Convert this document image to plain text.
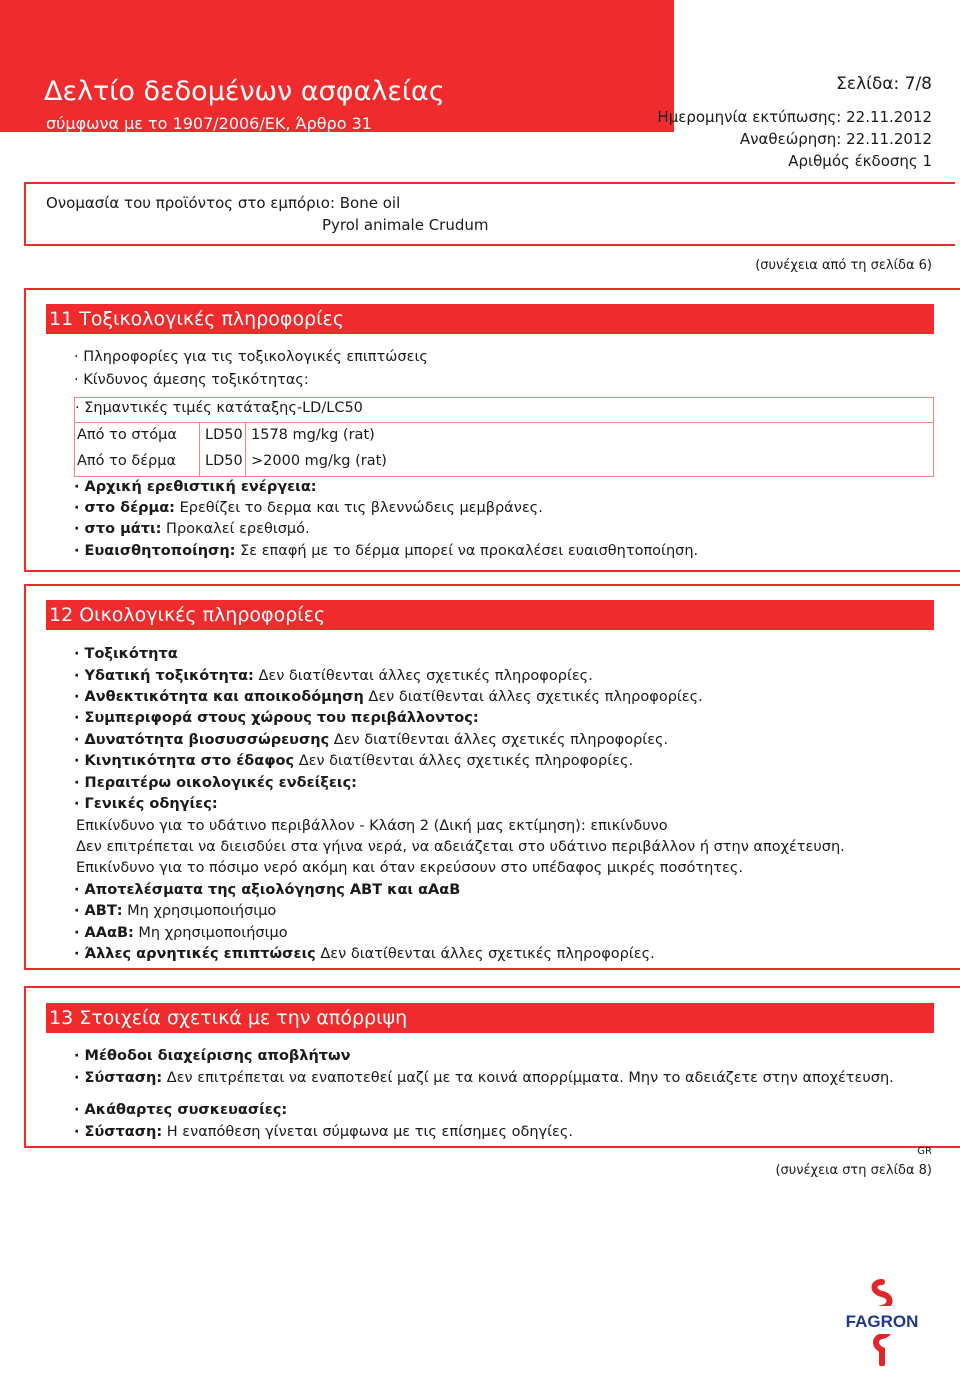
Δελτίο δεδομένων ασφαλείας
σύμφωνα με το 1907/2006/ΕΚ, Άρθρο 31
Σελίδα: 7/8
Ημερομηνία εκτύπωσης: 22.11.2012
Αναθεώρηση: 22.11.2012
Αριθμός έκδοσης 1
Ονομασία του προϊόντος στο εμπόριο: Bone oil
Pyrol animale Crudum
(συνέχεια από τη σελίδα 6)
11 Τοξικολογικές πληροφορίες
· Πληροφορίες για τις τοξικολογικές επιπτώσεις
· Κίνδυνος άμεσης τοξικότητας:
· Σημαντικές τιμές κατάταξης-LD/LC50
Από το στόμα LD50 1578 mg/kg (rat)
Από το δέρμα LD50 >2000 mg/kg (rat)
· Αρχική ερεθιστική ενέργεια:
· στο δέρμα: Ερεθίζει το δερμα και τις βλεννώδεις μεμβράνες.
· στο μάτι: Προκαλεί ερεθισμό.
· Ευαισθητοποίηση: Σε επαφή με το δέρμα μπορεί να προκαλέσει ευαισθητοποίηση.
12 Οικολογικές πληροφορίες
· Τοξικότητα
· Υδατική τοξικότητα: Δεν διατίθενται άλλες σχετικές πληροφορίες.
· Ανθεκτικότητα και αποικοδόμηση Δεν διατίθενται άλλες σχετικές πληροφορίες.
· Συμπεριφορά στους χώρους του περιβάλλοντος:
· Δυνατότητα βιοσυσσώρευσης Δεν διατίθενται άλλες σχετικές πληροφορίες.
· Κινητικότητα στο έδαφος Δεν διατίθενται άλλες σχετικές πληροφορίες.
· Περαιτέρω οικολογικές ενδείξεις:
· Γενικές οδηγίες:
Επικίνδυνο για το υδάτινο περιβάλλον - Κλάση 2 (Δική μας εκτίμηση): επικίνδυνο
Δεν επιτρέπεται να διεισδύει στα γήινα νερά, να αδειάζεται στο υδάτινο περιβάλλον ή στην αποχέτευση.
Επικίνδυνο για το πόσιμο νερό ακόμη και όταν εκρεύσουν στο υπέδαφος μικρές ποσότητες.
· Αποτελέσματα της αξιολόγησης ΑΒΤ και αΑαΒ
· ΑΒΤ: Μη χρησιμοποιήσιμο
· ΑΑαΒ: Μη χρησιμοποιήσιμο
· Άλλες αρνητικές επιπτώσεις Δεν διατίθενται άλλες σχετικές πληροφορίες.
13 Στοιχεία σχετικά με την απόρριψη
· Μέθοδοι διαχείρισης αποβλήτων
· Σύσταση: Δεν επιτρέπεται να εναποτεθεί μαζί με τα κοινά απορρίμματα. Μην το αδειάζετε στην αποχέτευση.
· Ακάθαρτες συσκευασίες:
· Σύσταση: Η εναπόθεση γίνεται σύμφωνα με τις επίσημες οδηγίες.
GR
(συνέχεια στη σελίδα 8)
FAGRON
